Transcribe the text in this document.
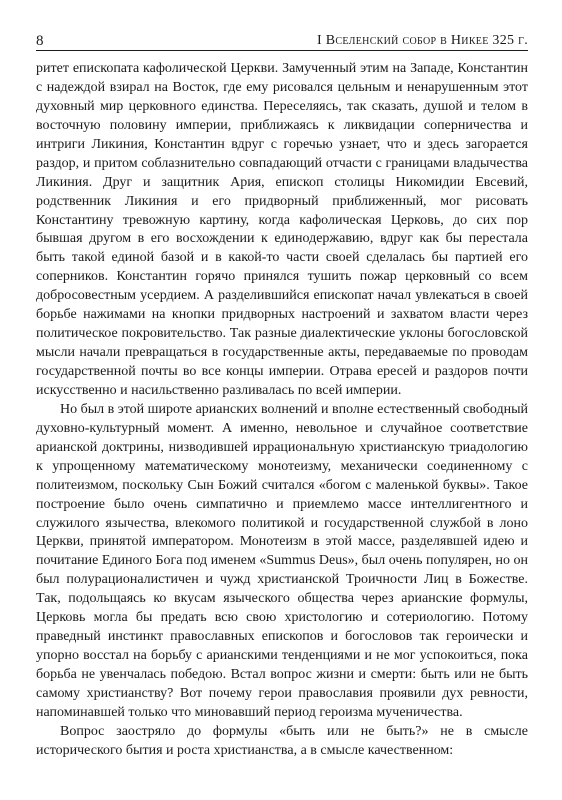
8	I Вселенский собор в Никее 325 г.

ритет епископата кафолической Церкви. Замученный этим на Западе, Константин с надеждой взирал на Восток, где ему рисовался цельным и ненарушенным этот духовный мир церковного единства. Переселяясь, так сказать, душой и телом в восточную половину империи, приближаясь к ликвидации соперничества и интриги Ликиния, Константин вдруг с горечью узнает, что и здесь загорается раздор, и притом соблазнительно совпадающий отчасти с границами владычества Ликиния. Друг и защитник Ария, епископ столицы Никомидии Евсевий, родственник Ликиния и его придворный приближенный, мог рисовать Константину тревожную картину, когда кафолическая Церковь, до сих пор бывшая другом в его восхождении к единодержавию, вдруг как бы перестала быть такой единой базой и в какой-то части своей сделалась бы партией его соперников. Константин горячо принялся тушить пожар церковный со всем добросовестным усердием. А разделившийся епископат начал увлекаться в своей борьбе нажимами на кнопки придворных настроений и захватом власти через политическое покровительство. Так разные диалектические уклоны богословской мысли начали превращаться в государственные акты, передаваемые по проводам государственной почты во все концы империи. Отрава ересей и раздоров почти искусственно и насильственно разливалась по всей империи.

Но был в этой широте арианских волнений и вполне естественный свободный духовно-культурный момент. А именно, невольное и случайное соответствие арианской доктрины, низводившей иррациональную христианскую триадологию к упрощенному математическому монотеизму, механически соединенному с политеизмом, поскольку Сын Божий считался «богом с маленькой буквы». Такое построение было очень симпатично и приемлемо массе интеллигентного и служилого язычества, влекомого политикой и государственной службой в лоно Церкви, принятой императором. Монотеизм в этой массе, разделявшей идею и почитание Единого Бога под именем «Summus Deus», был очень популярен, но он был полурационалистичен и чужд христианской Троичности Лиц в Божестве. Так, подольщаясь ко вкусам языческого общества через арианские формулы, Церковь могла бы предать всю свою христологию и сотериологию. Потому праведный инстинкт православных епископов и богословов так героически и упорно восстал на борьбу с арианскими тенденциями и не мог успокоиться, пока борьба не увенчалась победою. Встал вопрос жизни и смерти: быть или не быть самому христианству? Вот почему герои православия проявили дух ревности, напоминавшей только что миновавший период героизма мученичества.

Вопрос заостряло до формулы «быть или не быть?» не в смысле исторического бытия и роста христианства, а в смысле качественном:
